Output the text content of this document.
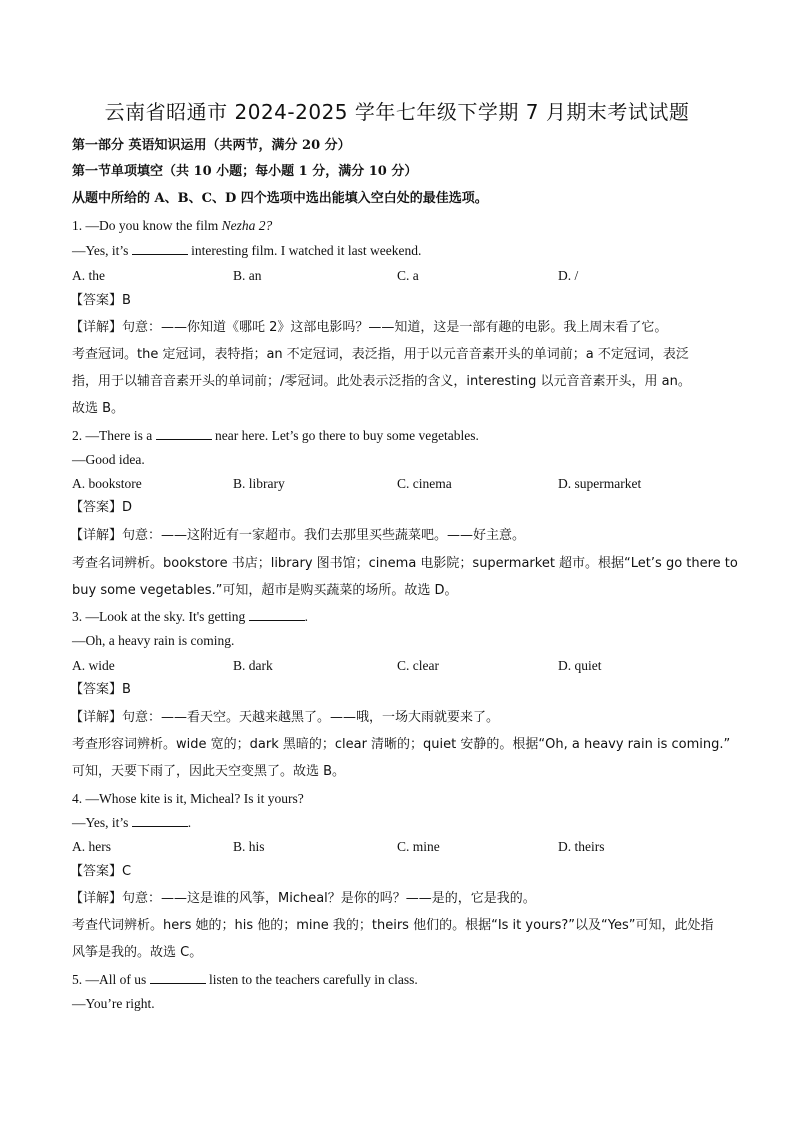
云南省昭通市 2024-2025 学年七年级下学期 7 月期末考试试题
第一部分 英语知识运用（共两节，满分 20 分）
第一节单项填空（共 10 小题；每小题 1 分，满分 10 分）
从题中所给的 A、B、C、D 四个选项中选出能填入空白处的最佳选项。
1. —Do you know the film Nezha 2?
—Yes, it’s	interesting film. I watched it last weekend.
A. the	B. an	C. a	D. /
【答案】B
【详解】句意：——你知道《哪吒 2》这部电影吗？——知道，这是一部有趣的电影。我上周末看了它。
考查冠词。the 定冠词，表特指；an 不定冠词，表泛指，用于以元音音素开头的单词前；a 不定冠词，表泛
指，用于以辅音音素开头的单词前；/零冠词。此处表示泛指的含义，interesting 以元音音素开头，用 an。
故选 B。
2. —There is a	near here. Let’s go there to buy some vegetables.
—Good idea.
A. bookstore	B. library	C. cinema	D. supermarket
【答案】D
【详解】句意：——这附近有一家超市。我们去那里买些蔬菜吧。——好主意。
考查名词辨析。bookstore 书店；library 图书馆；cinema 电影院；supermarket 超市。根据“Let’s go there to
buy some vegetables.”可知，超市是购买蔬菜的场所。故选 D。
3. —Look at the sky. It's getting	.
—Oh, a heavy rain is coming.
A. wide	B. dark	C. clear	D. quiet
【答案】B
【详解】句意：——看天空。天越来越黑了。——哦，一场大雨就要来了。
考查形容词辨析。wide 宽的；dark 黑暗的；clear 清晰的；quiet 安静的。根据“Oh, a heavy rain is coming.”
可知，天要下雨了，因此天空变黑了。故选 B。
4. —Whose kite is it, Micheal? Is it yours?
—Yes, it’s	.
A. hers	B. his	C. mine	D. theirs
【答案】C
【详解】句意：——这是谁的风筝，Micheal？是你的吗？——是的，它是我的。
考查代词辨析。hers 她的；his 他的；mine 我的；theirs 他们的。根据“Is it yours?”以及“Yes”可知，此处指
风筝是我的。故选 C。
5. —All of us	listen to the teachers carefully in class.
—You’re right.
